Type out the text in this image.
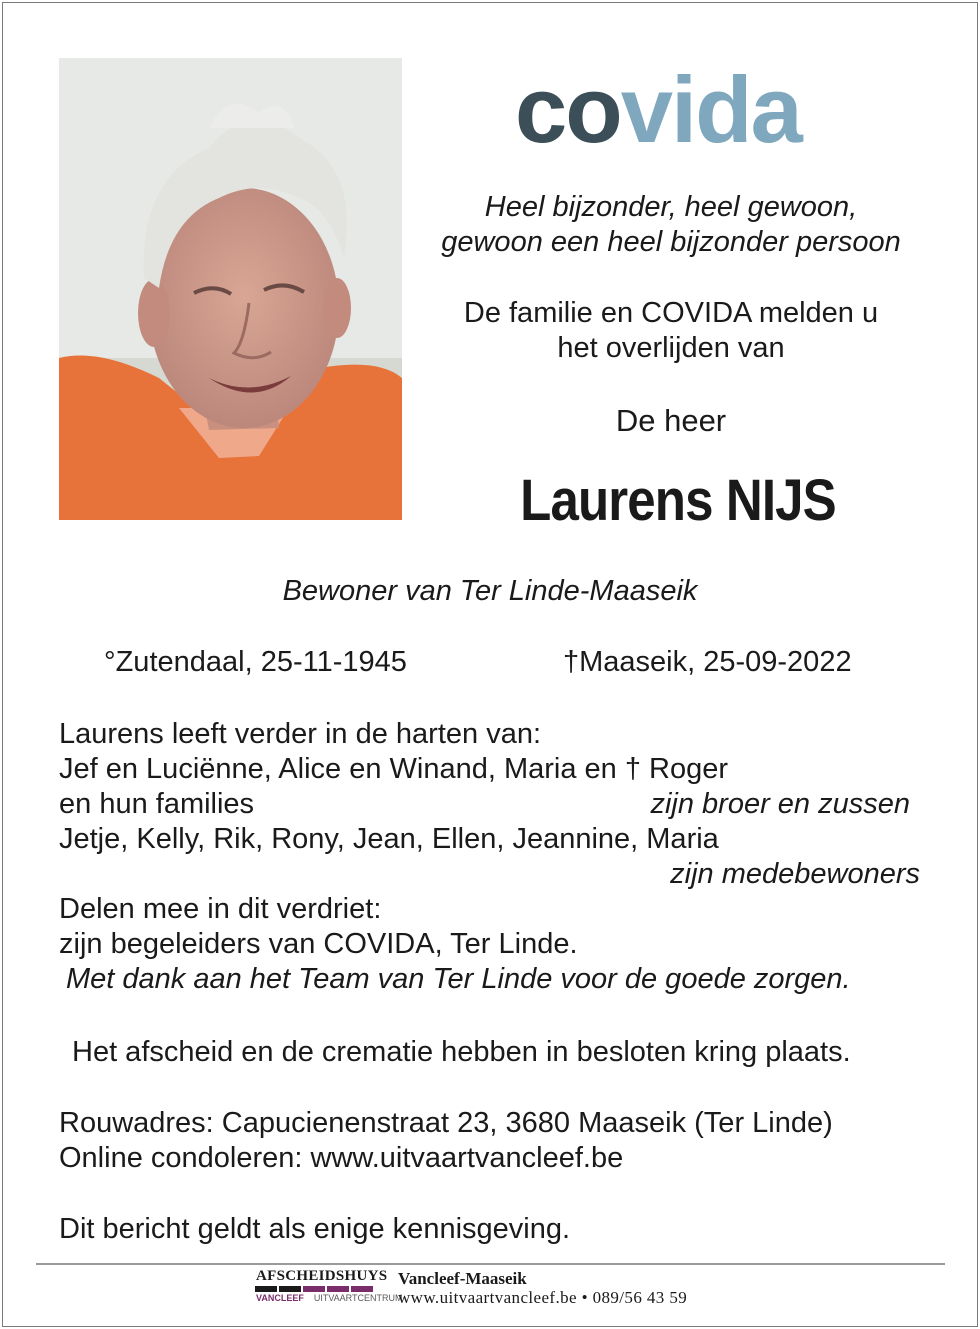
covida
Heel bijzonder, heel gewoon,
gewoon een heel bijzonder persoon
De familie en COVIDA melden u
het overlijden van
De heer
Laurens NIJS
Bewoner van Ter Linde-Maaseik
°Zutendaal, 25-11-1945	†Maaseik, 25-09-2022
Laurens leeft verder in de harten van:
Jef en Luciënne, Alice en Winand, Maria en † Roger
en hun families	zijn broer en zussen
Jetje, Kelly, Rik, Rony, Jean, Ellen, Jeannine, Maria
zijn medebewoners
Delen mee in dit verdriet:
zijn begeleiders van COVIDA, Ter Linde.
Met dank aan het Team van Ter Linde voor de goede zorgen.
Het afscheid en de crematie hebben in besloten kring plaats.
Rouwadres: Capucienenstraat 23, 3680 Maaseik (Ter Linde)
Online condoleren: www.uitvaartvancleef.be
Dit bericht geldt als enige kennisgeving.
AFSCHEIDSHUYS
VANCLEEF UITVAARTCENTRUM
Vancleef-Maaseik
www.uitvaartvancleef.be • 089/56 43 59
